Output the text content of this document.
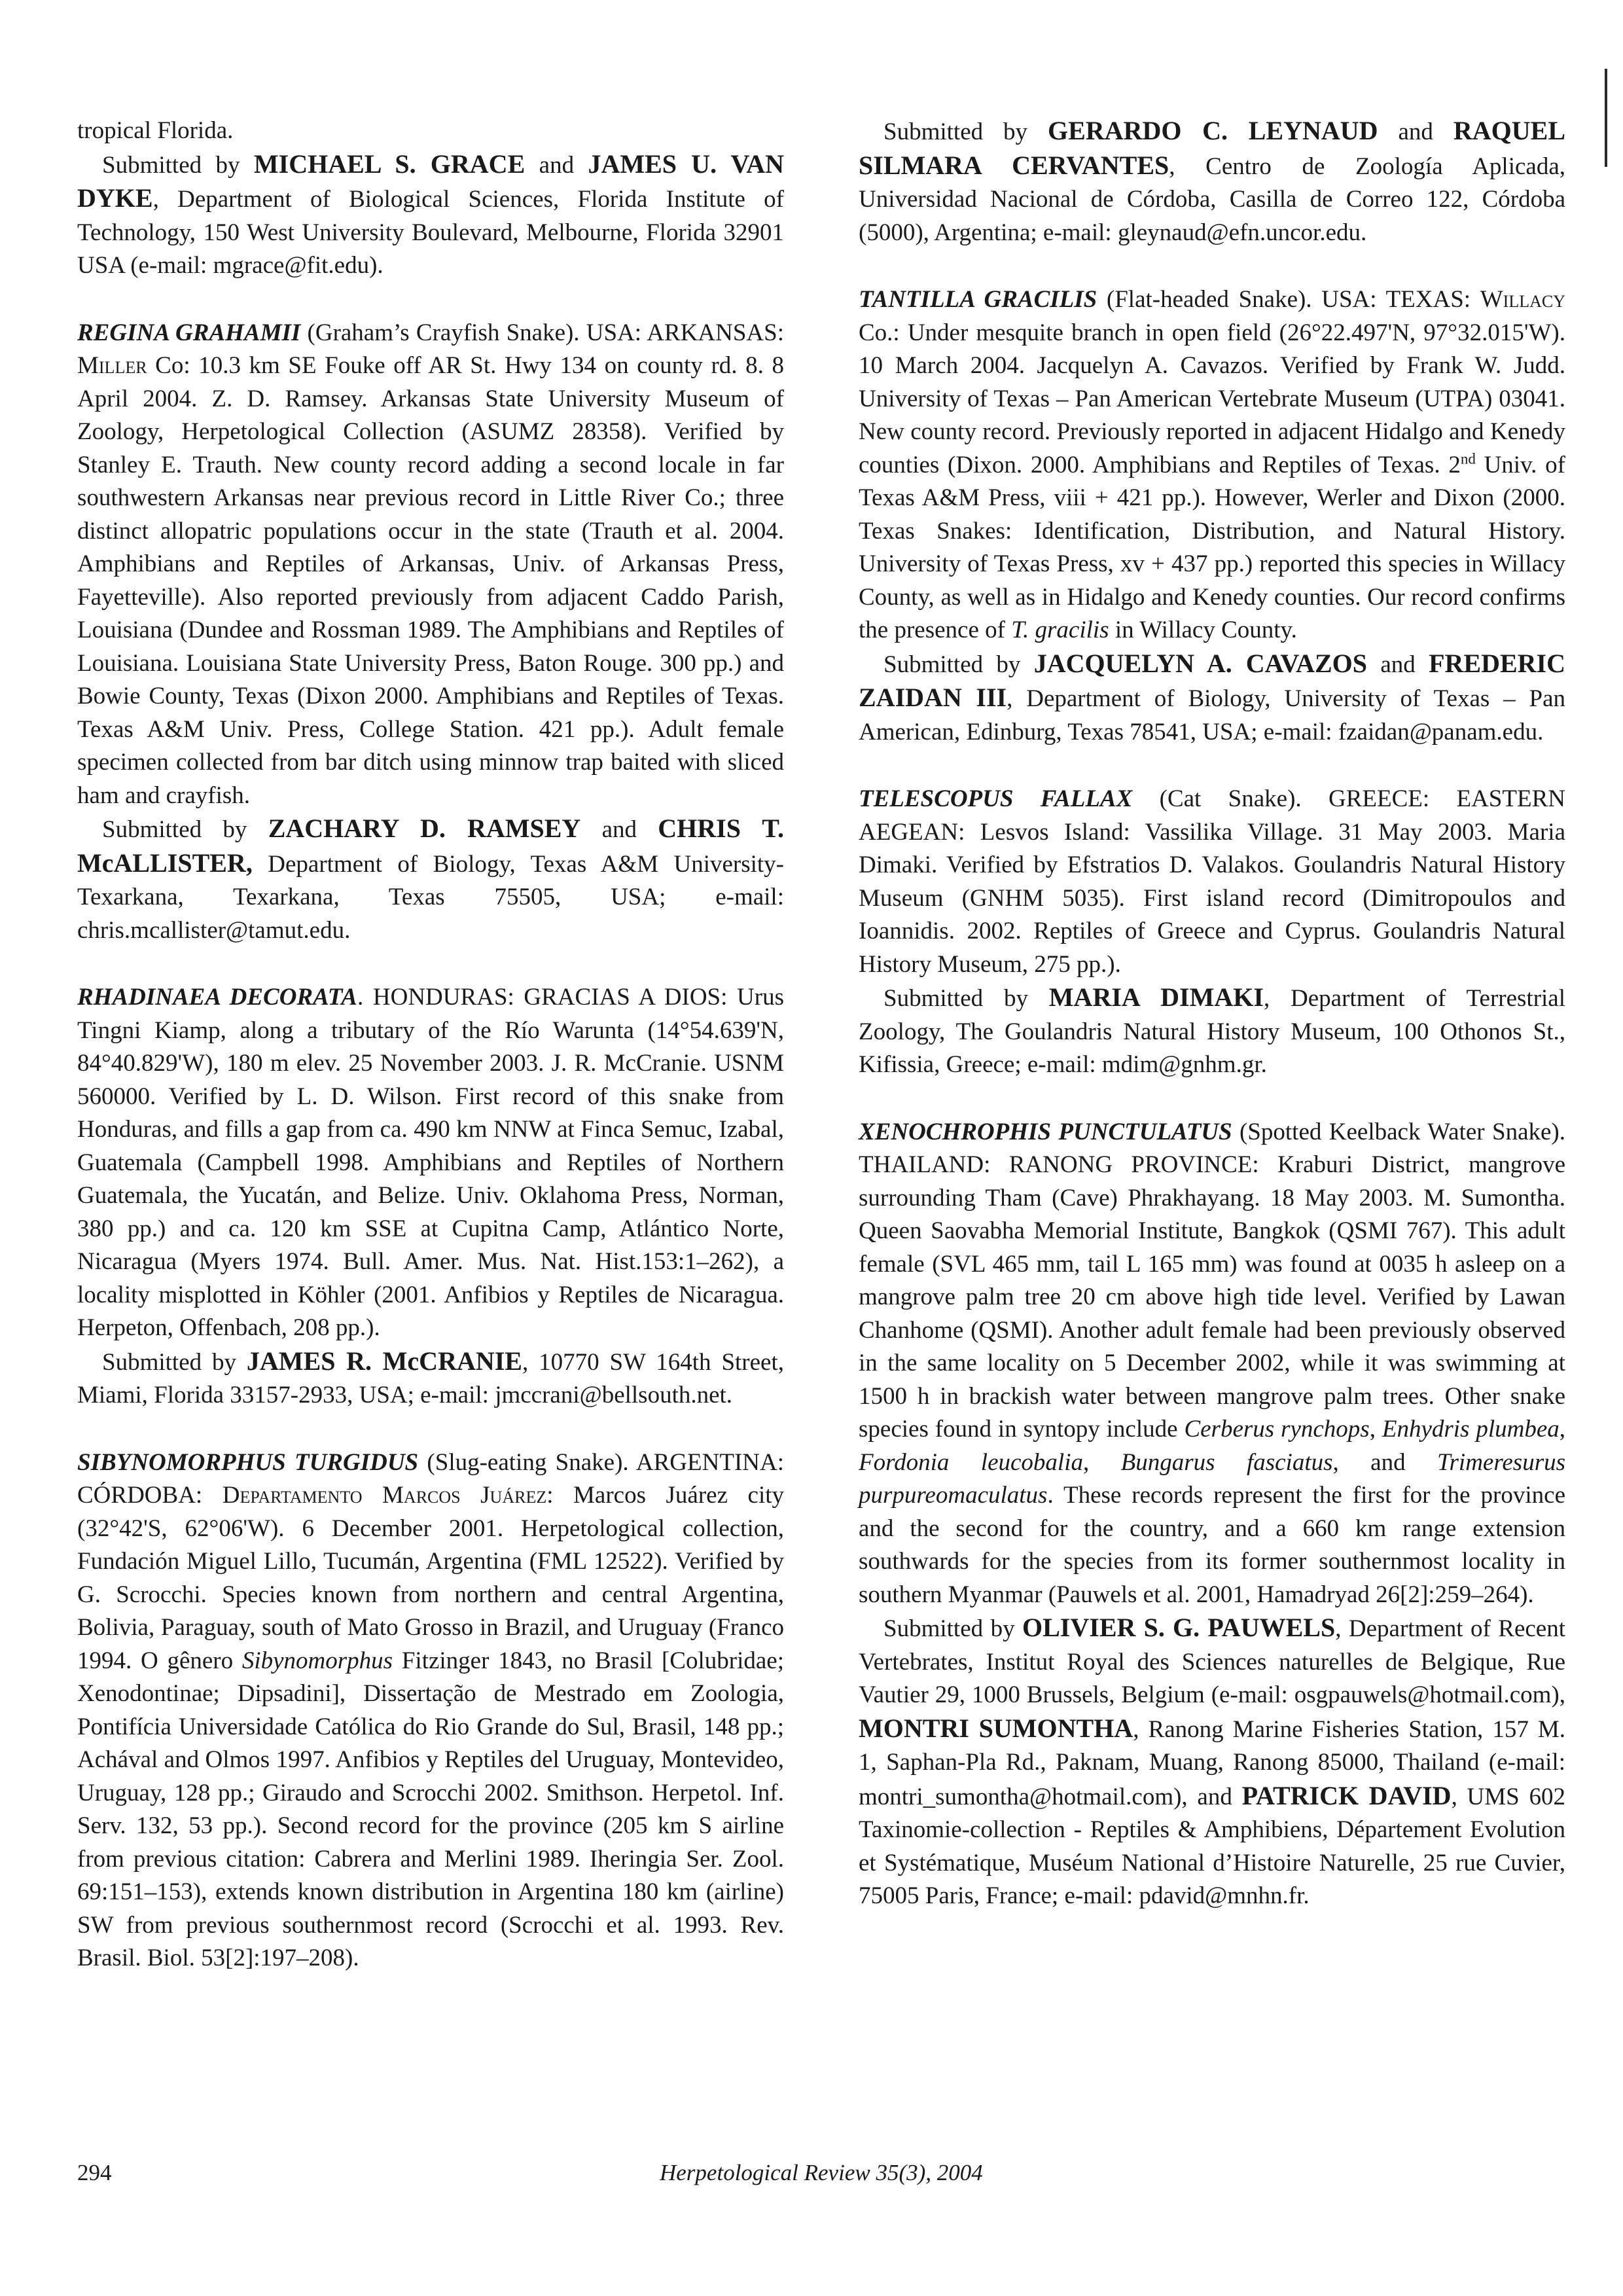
tropical Florida.

Submitted by MICHAEL S. GRACE and JAMES U. VAN DYKE, Department of Biological Sciences, Florida Institute of Technology, 150 West University Boulevard, Melbourne, Florida 32901 USA (e-mail: mgrace@fit.edu).

REGINA GRAHAMII (Graham’s Crayfish Snake). USA: ARKANSAS: Miller Co: 10.3 km SE Fouke off AR St. Hwy 134 on county rd. 8. 8 April 2004. Z. D. Ramsey. Arkansas State University Museum of Zoology, Herpetological Collection (ASUMZ 28358). Verified by Stanley E. Trauth. New county record adding a second locale in far southwestern Arkansas near previous record in Little River Co.; three distinct allopatric populations occur in the state (Trauth et al. 2004. Amphibians and Reptiles of Arkansas, Univ. of Arkansas Press, Fayetteville). Also reported previously from adjacent Caddo Parish, Louisiana (Dundee and Rossman 1989. The Amphibians and Reptiles of Louisiana. Louisiana State University Press, Baton Rouge. 300 pp.) and Bowie County, Texas (Dixon 2000. Amphibians and Reptiles of Texas. Texas A&M Univ. Press, College Station. 421 pp.). Adult female specimen collected from bar ditch using minnow trap baited with sliced ham and crayfish.

Submitted by ZACHARY D. RAMSEY and CHRIS T. McALLISTER, Department of Biology, Texas A&M University-Texarkana, Texarkana, Texas 75505, USA; e-mail: chris.mcallister@tamut.edu.

RHADINAEA DECORATA. HONDURAS: GRACIAS A DIOS: Urus Tingni Kiamp, along a tributary of the Río Warunta (14°54.639'N, 84°40.829'W), 180 m elev. 25 November 2003. J. R. McCranie. USNM 560000. Verified by L. D. Wilson. First record of this snake from Honduras, and fills a gap from ca. 490 km NNW at Finca Semuc, Izabal, Guatemala (Campbell 1998. Amphibians and Reptiles of Northern Guatemala, the Yucatán, and Belize. Univ. Oklahoma Press, Norman, 380 pp.) and ca. 120 km SSE at Cupitna Camp, Atlántico Norte, Nicaragua (Myers 1974. Bull. Amer. Mus. Nat. Hist.153:1–262), a locality misplotted in Köhler (2001. Anfibios y Reptiles de Nicaragua. Herpeton, Offenbach, 208 pp.).

Submitted by JAMES R. McCRANIE, 10770 SW 164th Street, Miami, Florida 33157-2933, USA; e-mail: jmccrani@bellsouth.net.

SIBYNOMORPHUS TURGIDUS (Slug-eating Snake). ARGENTINA: CÓRDOBA: Departamento Marcos Juárez: Marcos Juárez city (32°42'S, 62°06'W). 6 December 2001. Herpetological collection, Fundación Miguel Lillo, Tucumán, Argentina (FML 12522). Verified by G. Scrocchi. Species known from northern and central Argentina, Bolivia, Paraguay, south of Mato Grosso in Brazil, and Uruguay (Franco 1994. O gênero Sibynomorphus Fitzinger 1843, no Brasil [Colubridae; Xenodontinae; Dipsadini], Dissertação de Mestrado em Zoologia, Pontifícia Universidade Católica do Rio Grande do Sul, Brasil, 148 pp.; Achával and Olmos 1997. Anfibios y Reptiles del Uruguay, Montevideo, Uruguay, 128 pp.; Giraudo and Scrocchi 2002. Smithson. Herpetol. Inf. Serv. 132, 53 pp.). Second record for the province (205 km S airline from previous citation: Cabrera and Merlini 1989. Iheringia Ser. Zool. 69:151–153), extends known distribution in Argentina 180 km (airline) SW from previous southernmost record (Scrocchi et al. 1993. Rev. Brasil. Biol. 53[2]:197–208).

Submitted by GERARDO C. LEYNAUD and RAQUEL SILMARA CERVANTES, Centro de Zoología Aplicada, Universidad Nacional de Córdoba, Casilla de Correo 122, Córdoba (5000), Argentina; e-mail: gleynaud@efn.uncor.edu.

TANTILLA GRACILIS (Flat-headed Snake). USA: TEXAS: Willacy Co.: Under mesquite branch in open field (26°22.497'N, 97°32.015'W). 10 March 2004. Jacquelyn A. Cavazos. Verified by Frank W. Judd. University of Texas – Pan American Vertebrate Museum (UTPA) 03041. New county record. Previously reported in adjacent Hidalgo and Kenedy counties (Dixon. 2000. Amphibians and Reptiles of Texas. 2nd Univ. of Texas A&M Press, viii + 421 pp.). However, Werler and Dixon (2000. Texas Snakes: Identification, Distribution, and Natural History. University of Texas Press, xv + 437 pp.) reported this species in Willacy County, as well as in Hidalgo and Kenedy counties. Our record confirms the presence of T. gracilis in Willacy County.

Submitted by JACQUELYN A. CAVAZOS and FREDERIC ZAIDAN III, Department of Biology, University of Texas – Pan American, Edinburg, Texas 78541, USA; e-mail: fzaidan@panam.edu.

TELESCOPUS FALLAX (Cat Snake). GREECE: EASTERN AEGEAN: Lesvos Island: Vassilika Village. 31 May 2003. Maria Dimaki. Verified by Efstratios D. Valakos. Goulandris Natural History Museum (GNHM 5035). First island record (Dimitropoulos and Ioannidis. 2002. Reptiles of Greece and Cyprus. Goulandris Natural History Museum, 275 pp.).

Submitted by MARIA DIMAKI, Department of Terrestrial Zoology, The Goulandris Natural History Museum, 100 Othonos St., Kifissia, Greece; e-mail: mdim@gnhm.gr.

XENOCHROPHIS PUNCTULATUS (Spotted Keelback Water Snake). THAILAND: RANONG PROVINCE: Kraburi District, mangrove surrounding Tham (Cave) Phrakhayang. 18 May 2003. M. Sumontha. Queen Saovabha Memorial Institute, Bangkok (QSMI 767). This adult female (SVL 465 mm, tail L 165 mm) was found at 0035 h asleep on a mangrove palm tree 20 cm above high tide level. Verified by Lawan Chanhome (QSMI). Another adult female had been previously observed in the same locality on 5 December 2002, while it was swimming at 1500 h in brackish water between mangrove palm trees. Other snake species found in syntopy include Cerberus rynchops, Enhydris plumbea, Fordonia leucobalia, Bungarus fasciatus, and Trimeresurus purpureomaculatus. These records represent the first for the province and the second for the country, and a 660 km range extension southwards for the species from its former southernmost locality in southern Myanmar (Pauwels et al. 2001, Hamadryad 26[2]:259–264).

Submitted by OLIVIER S. G. PAUWELS, Department of Recent Vertebrates, Institut Royal des Sciences naturelles de Belgique, Rue Vautier 29, 1000 Brussels, Belgium (e-mail: osgpauwels@hotmail.com), MONTRI SUMONTHA, Ranong Marine Fisheries Station, 157 M. 1, Saphan-Pla Rd., Paknam, Muang, Ranong 85000, Thailand (e-mail: montri_sumontha@hotmail.com), and PATRICK DAVID, UMS 602 Taxinomie-collection - Reptiles & Amphibiens, Département Evolution et Systématique, Muséum National d’Histoire Naturelle, 25 rue Cuvier, 75005 Paris, France; e-mail: pdavid@mnhn.fr.

294	Herpetological Review 35(3), 2004
